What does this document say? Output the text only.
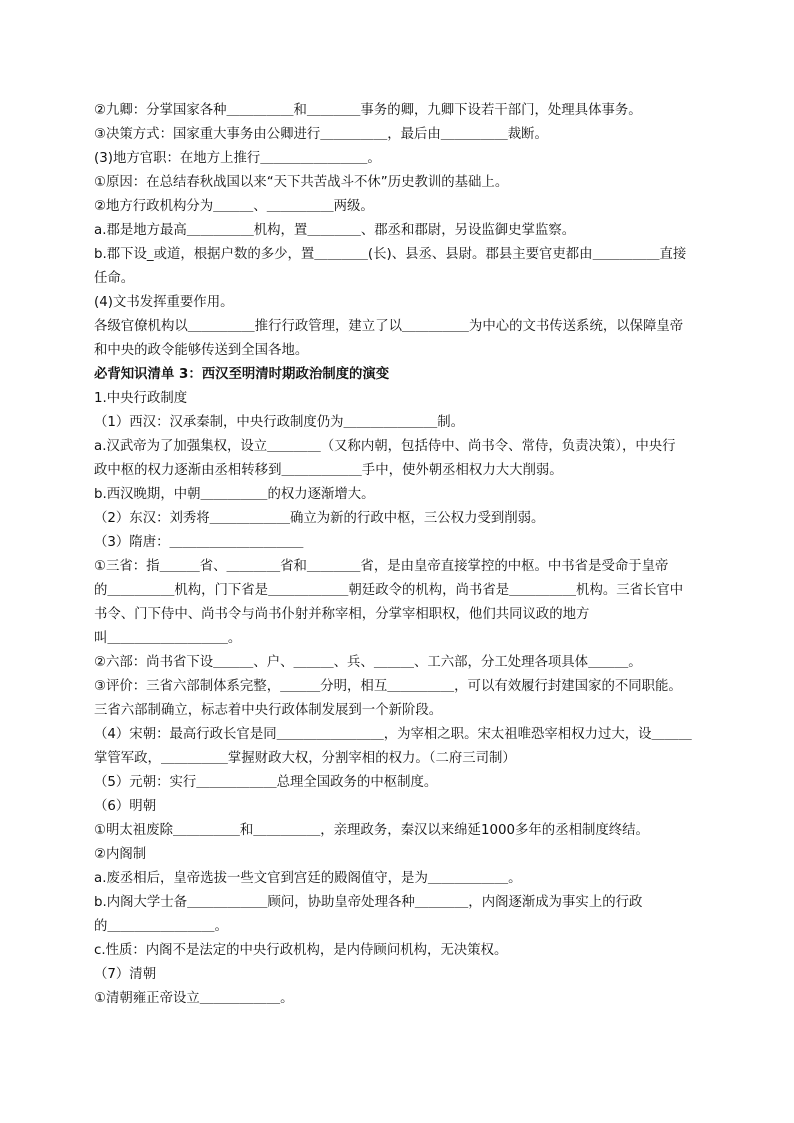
②九卿：分掌国家各种＿＿＿＿＿和＿＿＿＿事务的卿，九卿下设若干部门，处理具体事务。

③决策方式：国家重大事务由公卿进行＿＿＿＿＿，最后由＿＿＿＿＿裁断。

(3)地方官职：在地方上推行＿＿＿＿＿＿＿＿。

①原因：在总结春秋战国以来“天下共苦战斗不休”历史教训的基础上。

②地方行政机构分为＿＿＿、＿＿＿＿＿两级。

a.郡是地方最高＿＿＿＿＿机构，置＿＿＿＿、郡丞和郡尉，另设监御史掌监察。

b.郡下设_或道，根据户数的多少，置＿＿＿＿(长)、县丞、县尉。郡县主要官吏都由＿＿＿＿＿直接

任命。

(4)文书发挥重要作用。

各级官僚机构以＿＿＿＿＿推行行政管理，建立了以＿＿＿＿＿为中心的文书传送系统，以保障皇帝

和中央的政令能够传送到全国各地。

必背知识清单 3：西汉至明清时期政治制度的演变

1.中央行政制度

（1）西汉：汉承秦制，中央行政制度仍为＿＿＿＿＿＿＿制。

a.汉武帝为了加强集权，设立＿＿＿＿（又称内朝，包括侍中、尚书令、常侍，负责决策），中央行

政中枢的权力逐渐由丞相转移到＿＿＿＿＿＿手中，使外朝丞相权力大大削弱。

b.西汉晚期，中朝＿＿＿＿＿的权力逐渐增大。

（2）东汉：刘秀将＿＿＿＿＿＿确立为新的行政中枢，三公权力受到削弱。

（3）隋唐：＿＿＿＿＿＿＿＿＿＿

①三省：指＿＿＿省、＿＿＿＿省和＿＿＿＿省，是由皇帝直接掌控的中枢。中书省是受命于皇帝

的＿＿＿＿＿机构，门下省是＿＿＿＿＿＿朝廷政令的机构，尚书省是＿＿＿＿＿机构。三省长官中

书令、门下侍中、尚书令与尚书仆射并称宰相，分掌宰相职权，他们共同议政的地方

叫＿＿＿＿＿＿＿＿＿。

②六部：尚书省下设＿＿＿、户、＿＿＿、兵、＿＿＿、工六部，分工处理各项具体＿＿＿。

③评价：三省六部制体系完整，＿＿＿分明，相互＿＿＿＿＿，可以有效履行封建国家的不同职能。

三省六部制确立，标志着中央行政体制发展到一个新阶段。

（4）宋朝：最高行政长官是同＿＿＿＿＿＿＿＿，为宰相之职。宋太祖唯恐宰相权力过大，设＿＿＿

掌管军政，＿＿＿＿＿掌握财政大权，分割宰相的权力。（二府三司制）

（5）元朝：实行＿＿＿＿＿＿总理全国政务的中枢制度。

（6）明朝

①明太祖废除＿＿＿＿＿和＿＿＿＿＿，亲理政务，秦汉以来绵延1000多年的丞相制度终结。

②内阁制

a.废丞相后，皇帝选拔一些文官到宫廷的殿阁值守，是为＿＿＿＿＿＿。

b.内阁大学士备＿＿＿＿＿＿顾问，协助皇帝处理各种＿＿＿＿，内阁逐渐成为事实上的行政

的＿＿＿＿＿＿＿＿。

c.性质：内阁不是法定的中央行政机构，是内侍顾问机构，无决策权。

（7）清朝

①清朝雍正帝设立＿＿＿＿＿＿。
